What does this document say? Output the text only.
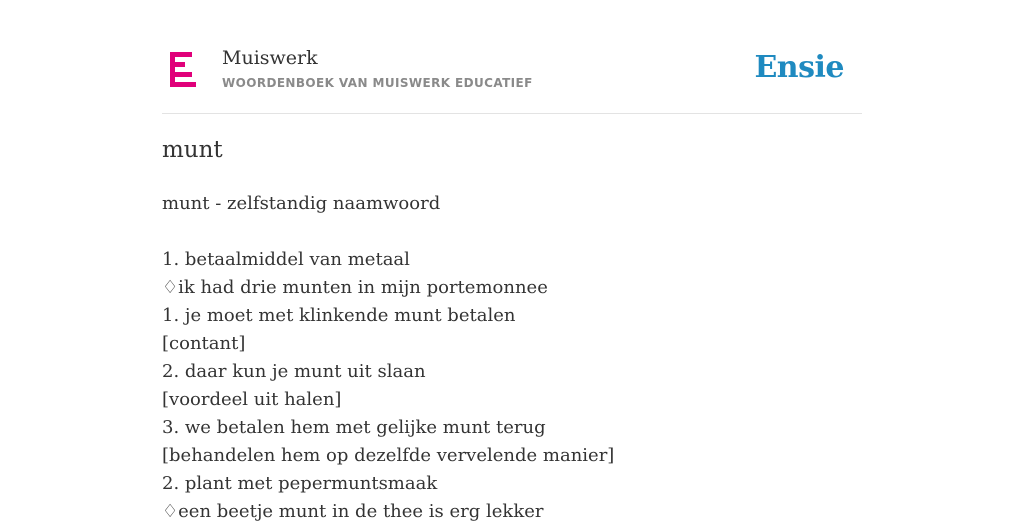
Muiswerk
WOORDENBOEK VAN MUISWERK EDUCATIEF	Ensie
munt
munt - zelfstandig naamwoord
1. betaalmiddel van metaal
♢ik had drie munten in mijn portemonnee
1. je moet met klinkende munt betalen
[contant]
2. daar kun je munt uit slaan
[voordeel uit halen]
3. we betalen hem met gelijke munt terug
[behandelen hem op dezelfde vervelende manier]
2. plant met pepermuntsmaak
♢een beetje munt in de thee is erg lekker
